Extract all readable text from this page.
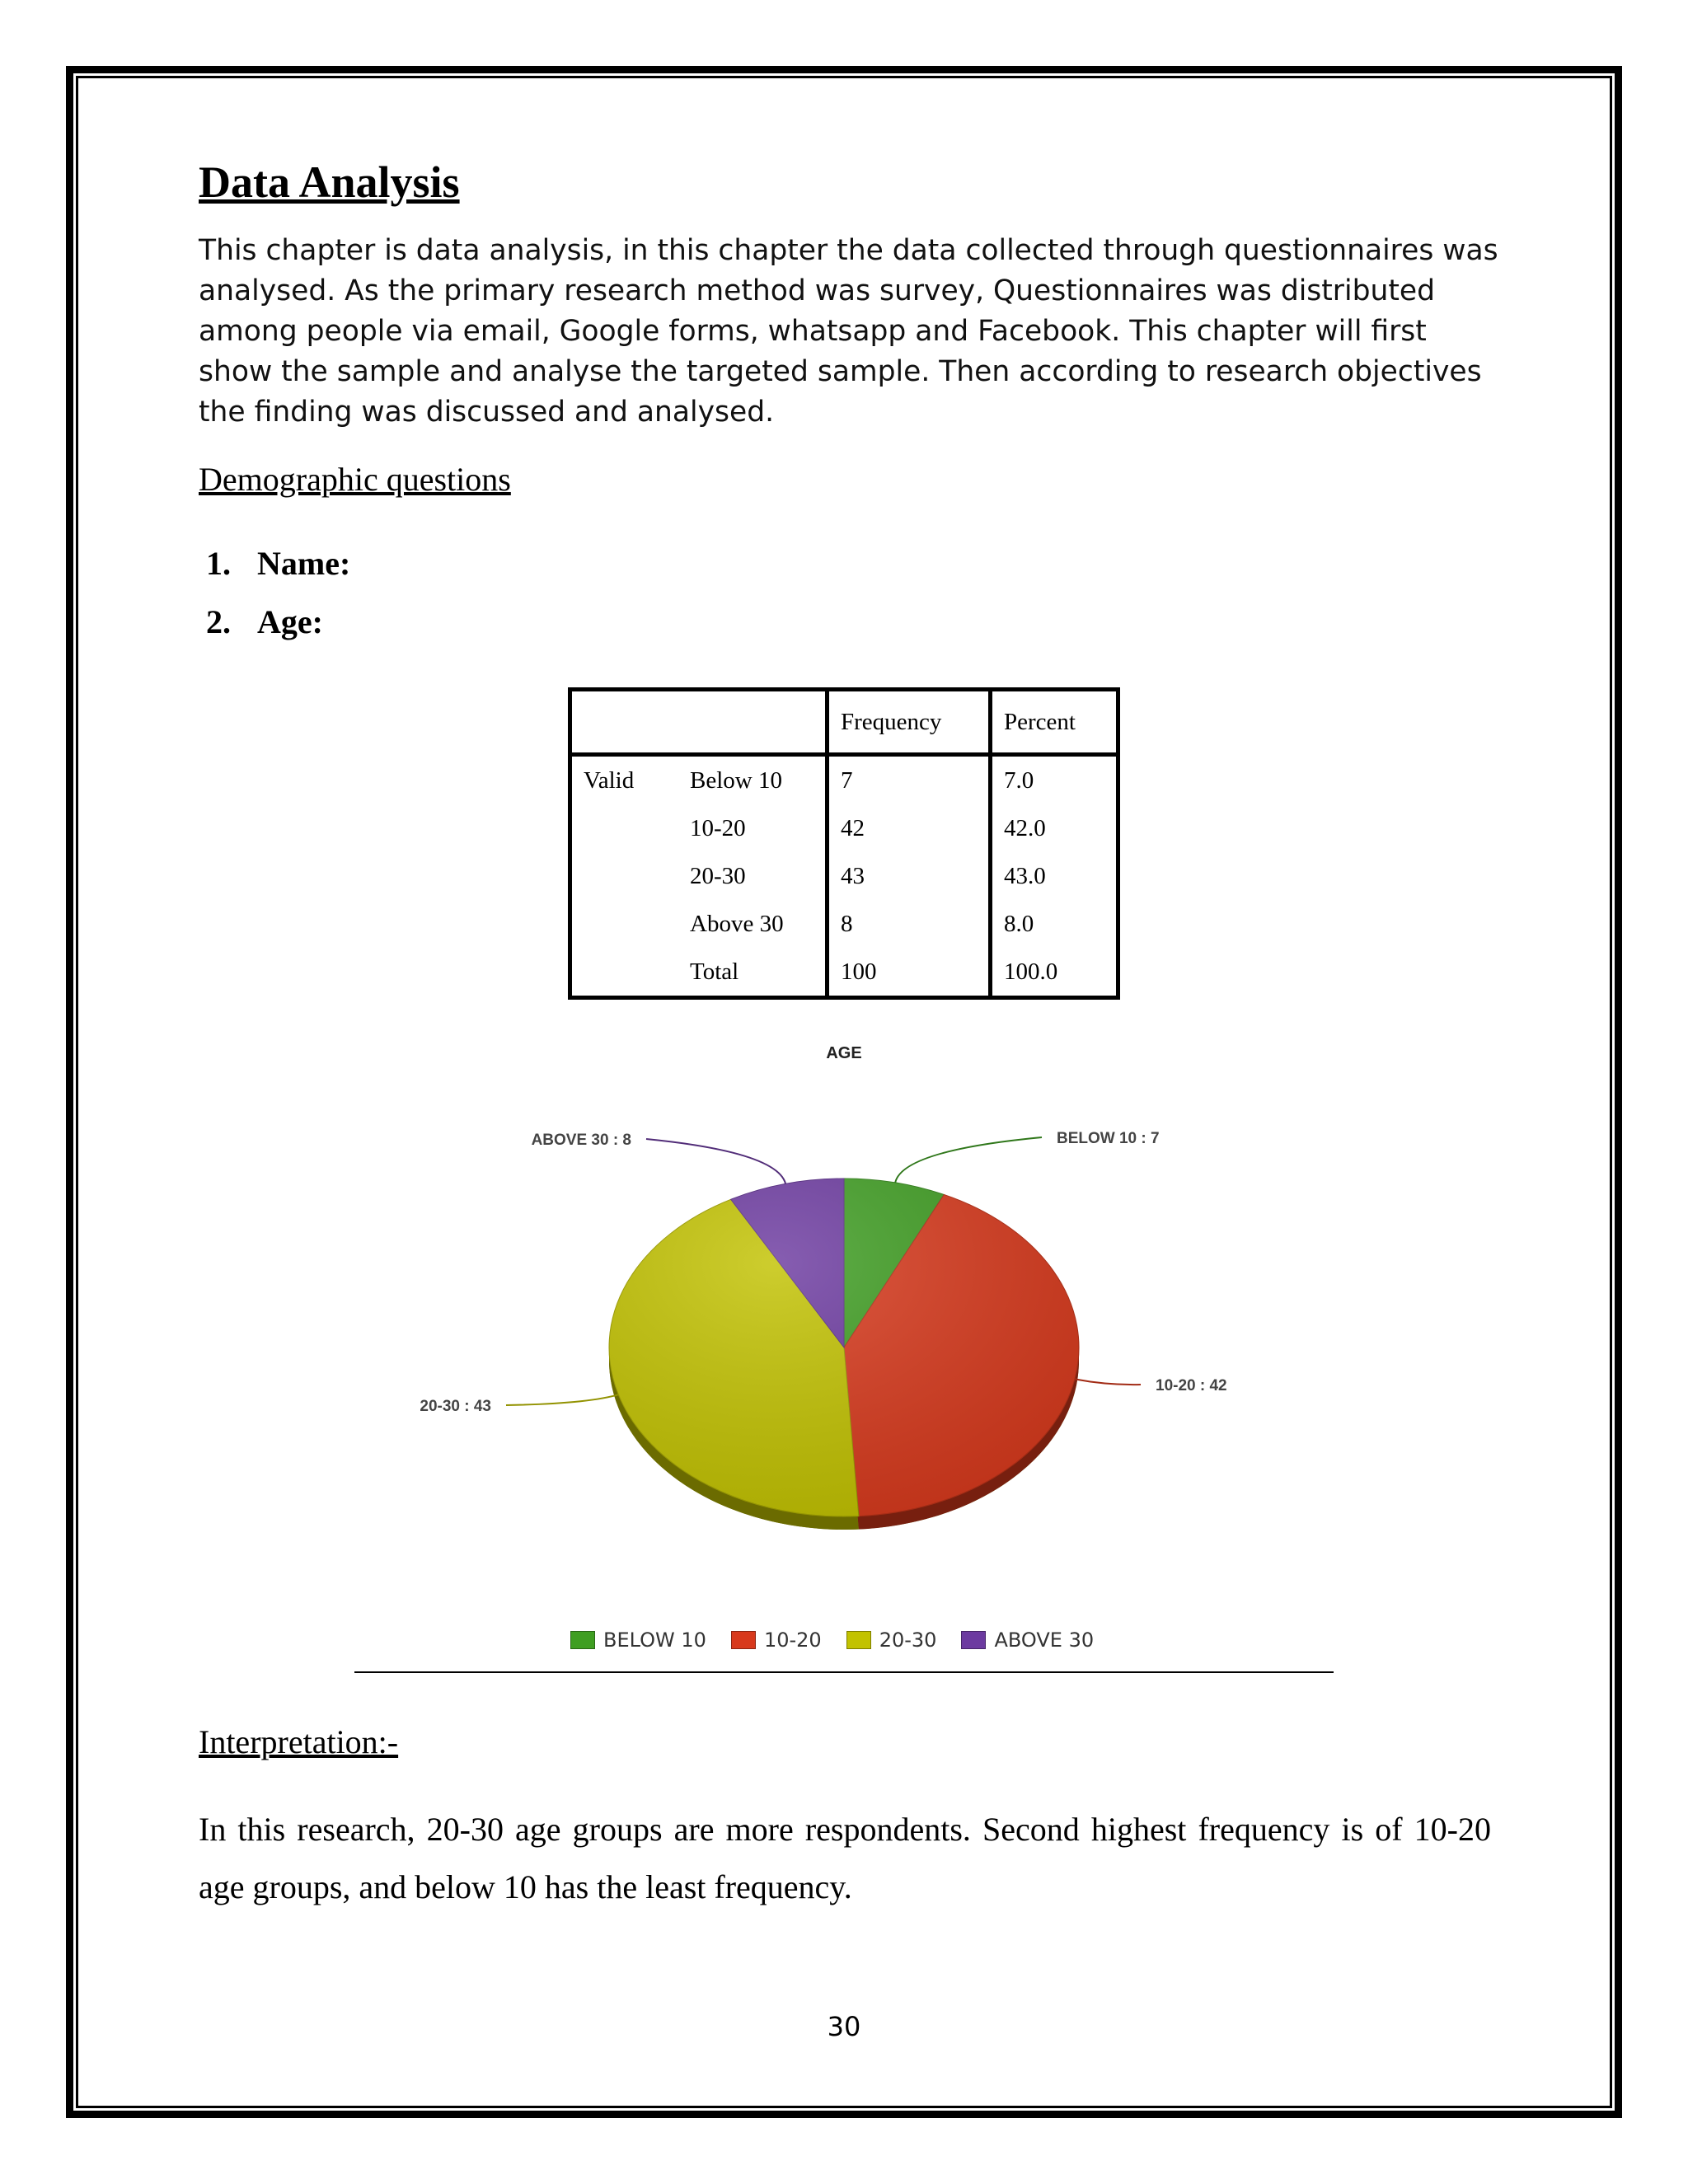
Data Analysis

This chapter is data analysis, in this chapter the data collected through questionnaires was analysed. As the primary research method was survey, Questionnaires was distributed among people via email, Google forms, whatsapp and Facebook. This chapter will first show the sample and analyse the targeted sample. Then according to research objectives the finding was discussed and analysed.

Demographic questions

1. Name:
2. Age:
		Frequency	Percent
Valid	Below 10	7	7.0
	10-20	42	42.0
	20-30	43	43.0
	Above 30	8	8.0
	Total	100	100.0
AGE
BELOW 10 : 7
10-20 : 42
20-30 : 43
ABOVE 30 : 8
BELOW 10	10-20	20-30	ABOVE 30

Interpretation:-

In this research, 20-30 age groups are more respondents. Second highest frequency is of 10-20 age groups, and below 10 has the least frequency.

30
